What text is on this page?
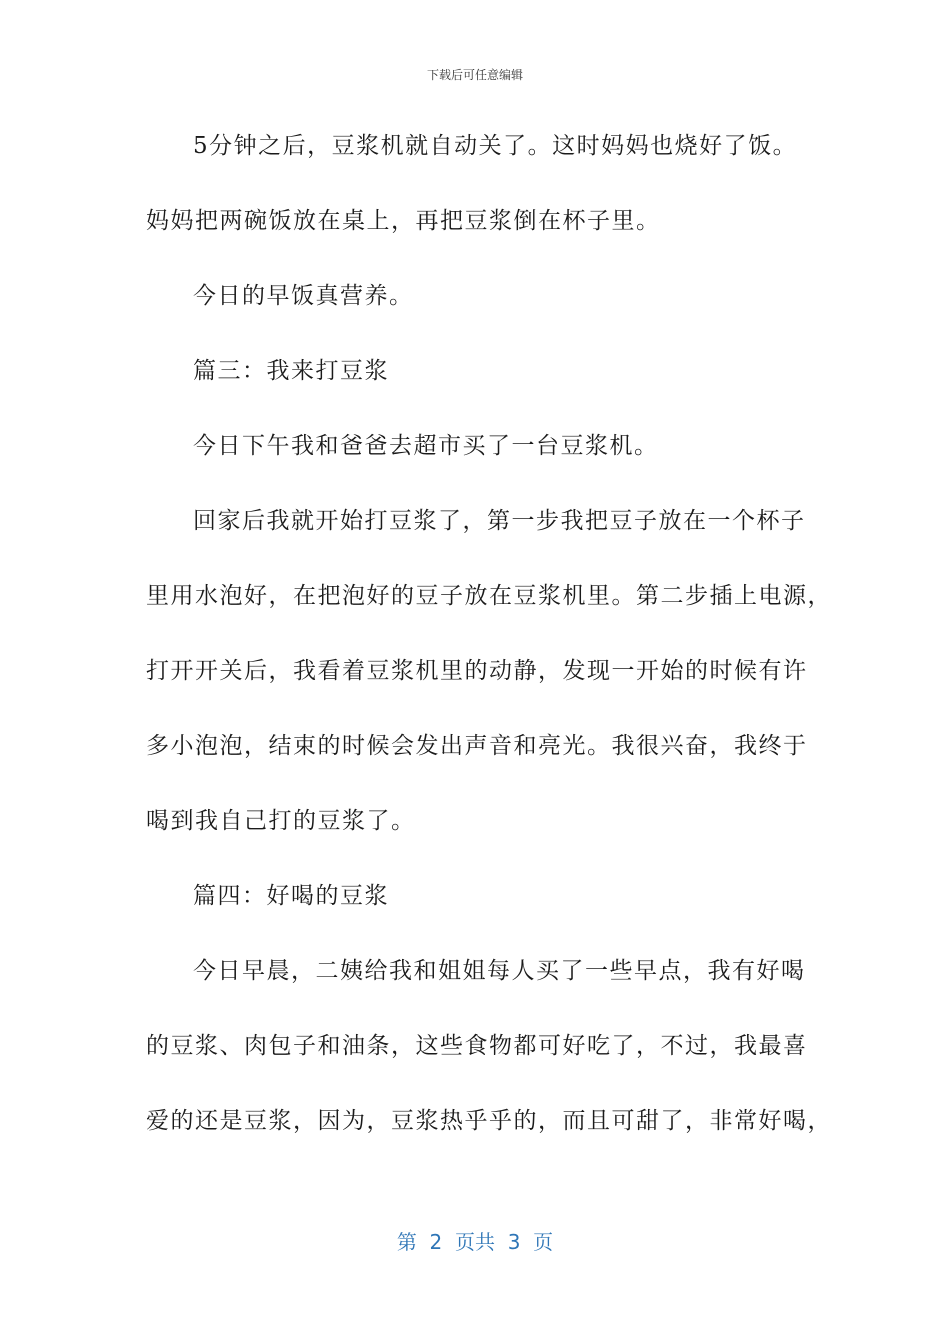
下载后可任意编辑

5分钟之后，豆浆机就自动关了。这时妈妈也烧好了饭。

妈妈把两碗饭放在桌上，再把豆浆倒在杯子里。

今日的早饭真营养。

篇三：我来打豆浆

今日下午我和爸爸去超市买了一台豆浆机。

回家后我就开始打豆浆了，第一步我把豆子放在一个杯子

里用水泡好，在把泡好的豆子放在豆浆机里。第二步插上电源，

打开开关后，我看着豆浆机里的动静，发现一开始的时候有许

多小泡泡，结束的时候会发出声音和亮光。我很兴奋，我终于

喝到我自己打的豆浆了。

篇四：好喝的豆浆

今日早晨，二姨给我和姐姐每人买了一些早点，我有好喝

的豆浆、肉包子和油条，这些食物都可好吃了，不过，我最喜

爱的还是豆浆，因为，豆浆热乎乎的，而且可甜了，非常好喝，

第  2  页共  3  页
